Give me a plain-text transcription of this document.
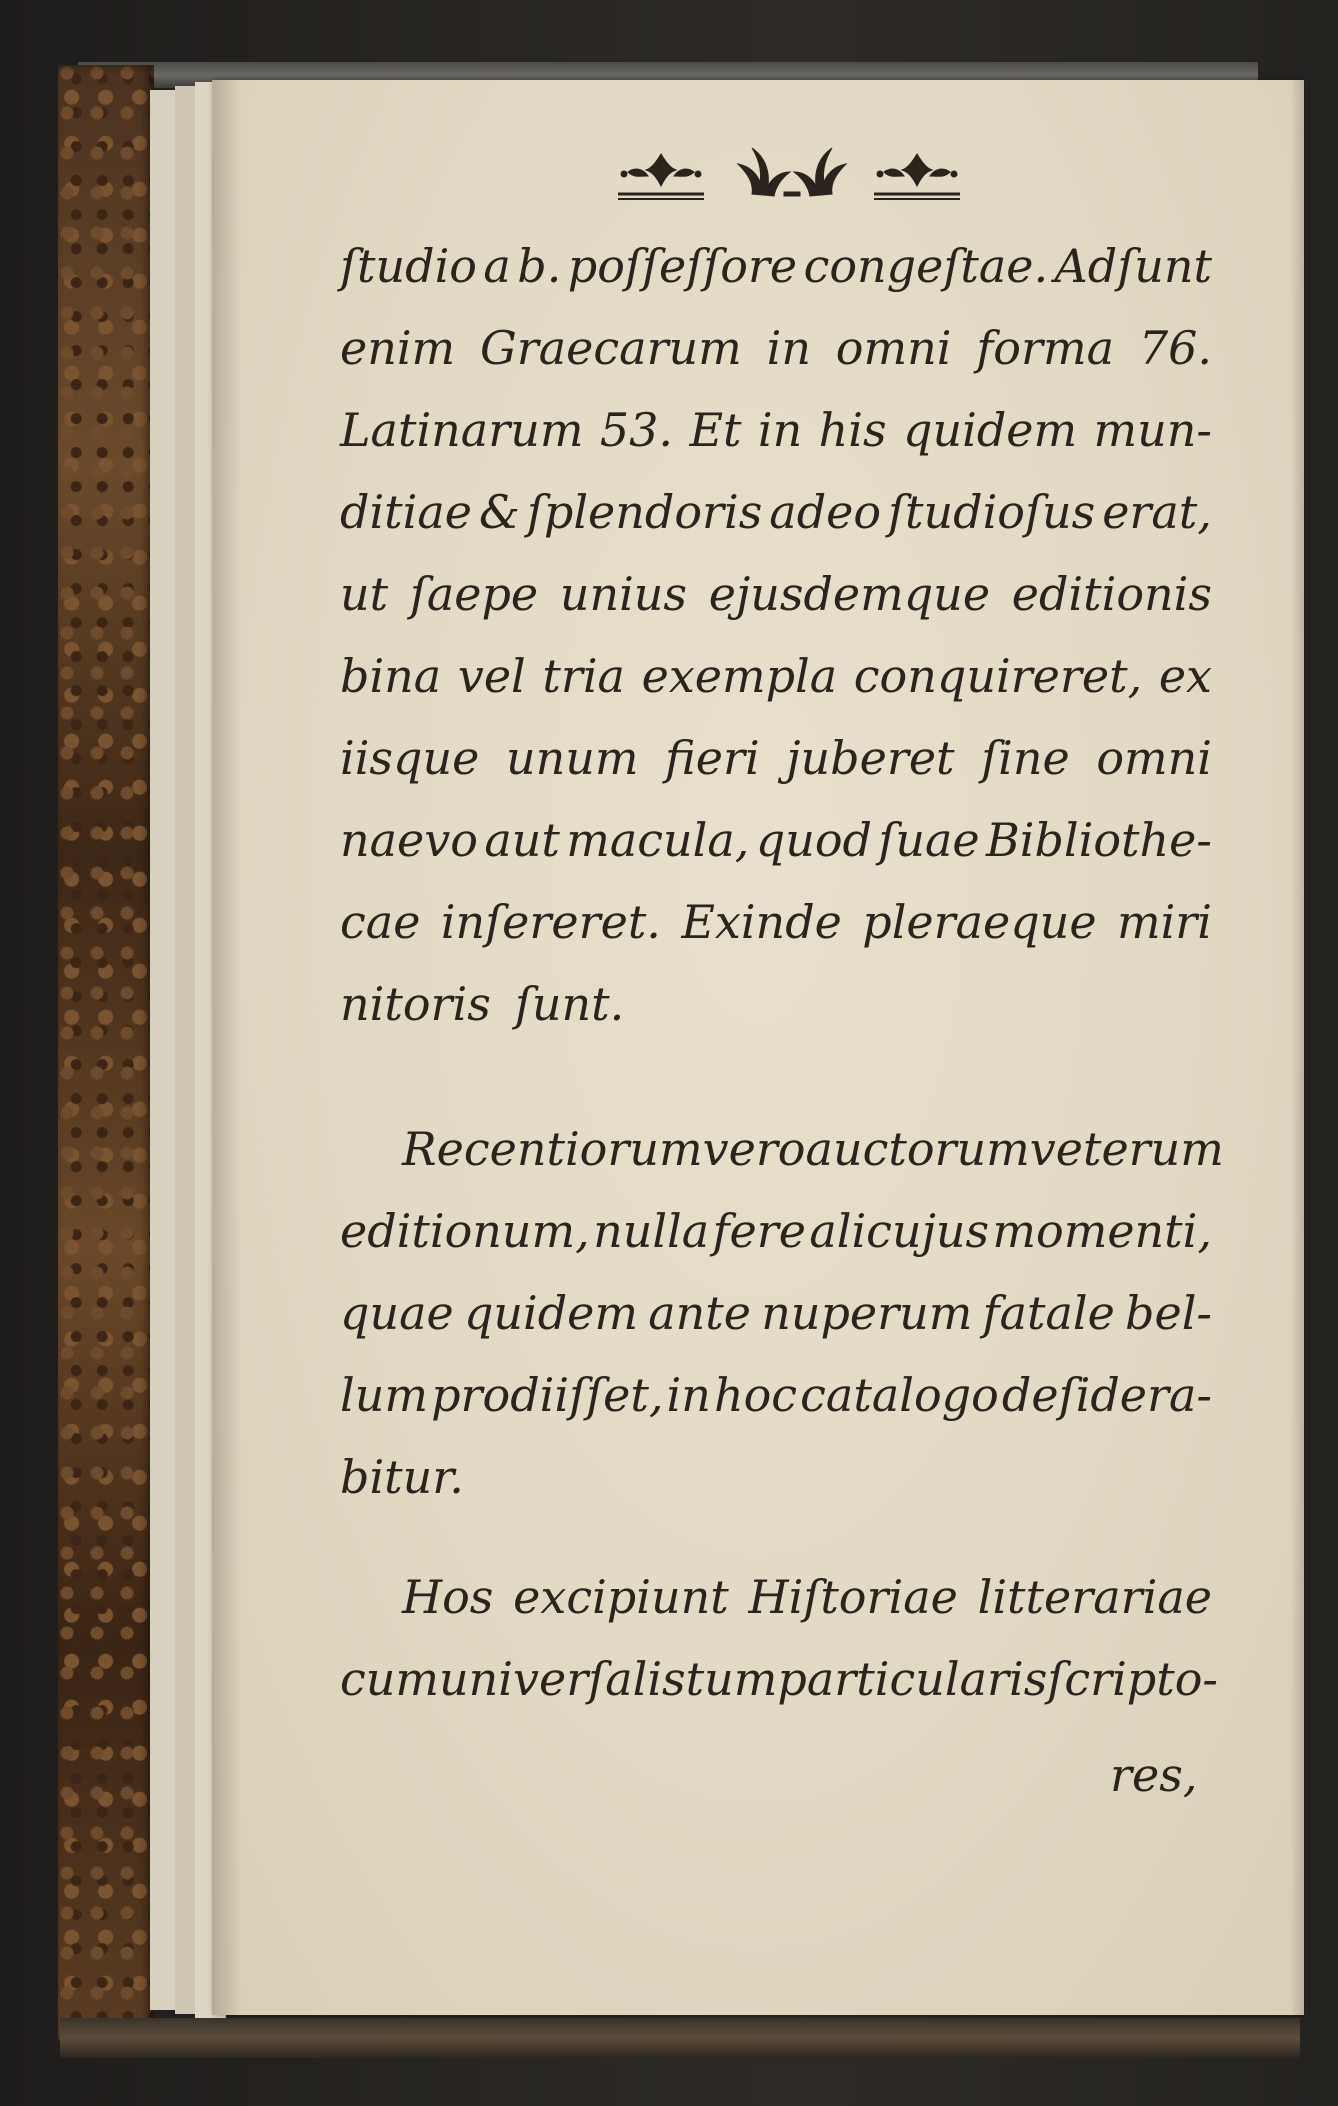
ſtudio a b. poſſeſſore congeſtae. Adſunt
enim Graecarum in omni forma 76.
Latinarum 53. Et in his quidem mun-
ditiae & ſplendoris adeo ſtudioſus erat,
ut ſaepe unius ejusdemque editionis
bina vel tria exempla conquireret, ex
iisque unum fieri juberet ſine omni
naevo aut macula, quod ſuae Bibliothe-
cae inſereret. Exinde pleraeque miri
nitoris ſunt.
Recentiorum vero auctorum veterum
editionum, nulla fere alicujus momenti,
quae quidem ante nuperum fatale bel-
lum prodiiſſet, in hoc catalogo deſidera-
bitur.
Hos excipiunt Hiſtoriae litterariae
cum univerſalis tum particularis ſcripto-
res,
